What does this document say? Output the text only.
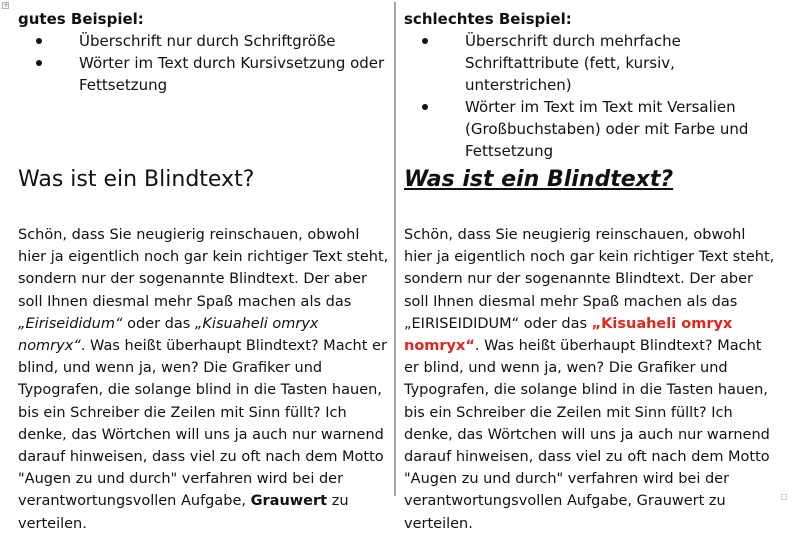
+

gutes Beispiel:

Überschrift nur durch Schriftgröße
Wörter im Text durch Kursivsetzung oder Fettsetzung
Was ist ein Blindtext?

Schön, dass Sie neugierig reinschauen, obwohl hier ja eigentlich noch gar kein richtiger Text steht, sondern nur der sogenannte Blindtext. Der aber soll Ihnen diesmal mehr Spaß machen als das „Eiriseididum“ oder das „Kisuaheli omryx nomryx“. Was heißt überhaupt Blindtext? Macht er blind, und wenn ja, wen? Die Grafiker und Typografen, die solange blind in die Tasten hauen, bis ein Schreiber die Zeilen mit Sinn füllt? Ich denke, das Wörtchen will uns ja auch nur warnend darauf hinweisen, dass viel zu oft nach dem Motto "Augen zu und durch" verfahren wird bei der verantwortungsvollen Aufgabe, Grauwert zu verteilen.

schlechtes Beispiel:

Überschrift durch mehrfache Schriftattribute (fett, kursiv, unterstrichen)
Wörter im Text im Text mit Versalien (Großbuchstaben) oder mit Farbe und Fettsetzung
Was ist ein Blindtext?

Schön, dass Sie neugierig reinschauen, obwohl hier ja eigentlich noch gar kein richtiger Text steht, sondern nur der sogenannte Blindtext. Der aber soll Ihnen diesmal mehr Spaß machen als das „EIRISEIDIDUM“ oder das „Kisuaheli omryx nomryx“. Was heißt überhaupt Blindtext? Macht er blind, und wenn ja, wen? Die Grafiker und Typografen, die solange blind in die Tasten hauen, bis ein Schreiber die Zeilen mit Sinn füllt? Ich denke, das Wörtchen will uns ja auch nur warnend darauf hinweisen, dass viel zu oft nach dem Motto "Augen zu und durch" verfahren wird bei der verantwortungsvollen Aufgabe, Grauwert zu verteilen.
